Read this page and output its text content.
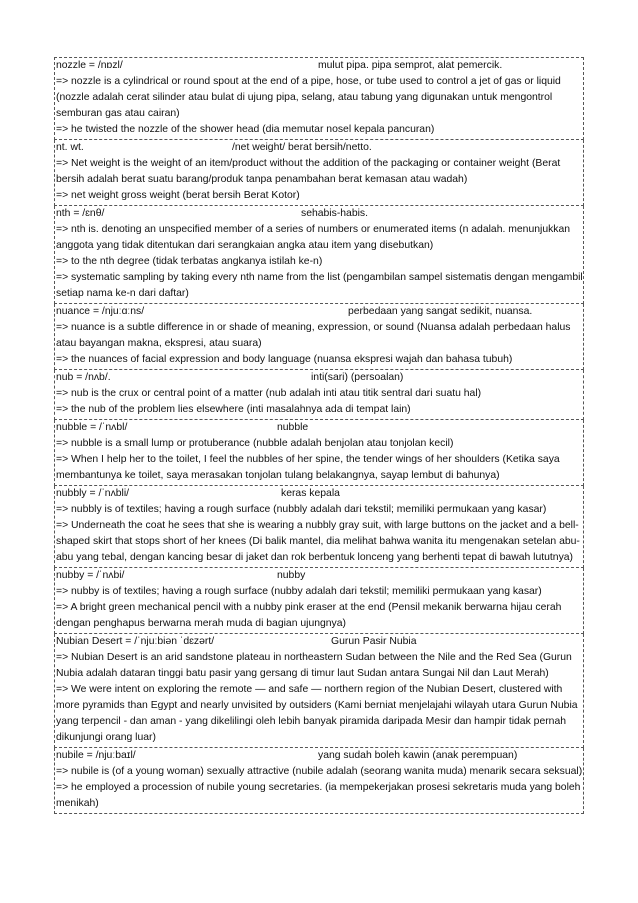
nozzle = /nɒzl/	mulut pipa. pipa semprot, alat pemercik.
=> nozzle is a cylindrical or round spout at the end of a pipe, hose, or tube used to control a jet of gas or liquid (nozzle adalah cerat silinder atau bulat di ujung pipa, selang, atau tabung yang digunakan untuk mengontrol semburan gas atau cairan)
=> he twisted the nozzle of the shower head (dia memutar nosel kepala pancuran)
nt. wt.	/net weight/ berat bersih/netto.
=> Net weight is the weight of an item/product without the addition of the packaging or container weight (Berat bersih adalah berat suatu barang/produk tanpa penambahan berat kemasan atau wadah)
=> net weight gross weight (berat bersih Berat Kotor)
nth = /ɛnθ/	sehabis-habis.
=> nth is. denoting an unspecified member of a series of numbers or enumerated items (n adalah. menunjukkan anggota yang tidak ditentukan dari serangkaian angka atau item yang disebutkan)
=> to the nth degree (tidak terbatas angkanya istilah ke-n)
=> systematic sampling by taking every nth name from the list (pengambilan sampel sistematis dengan mengambil setiap nama ke-n dari daftar)
nuance = /njuːɑːns/	perbedaan yang sangat sedikit, nuansa.
=> nuance is a subtle difference in or shade of meaning, expression, or sound (Nuansa adalah perbedaan halus atau bayangan makna, ekspresi, atau suara)
=> the nuances of facial expression and body language (nuansa ekspresi wajah dan bahasa tubuh)
nub = /nʌb/.	inti(sari) (persoalan)
=> nub is the crux or central point of a matter (nub adalah inti atau titik sentral dari suatu hal)
=> the nub of the problem lies elsewhere (inti masalahnya ada di tempat lain)
nubble = /ˈnʌbl/	nubble
=> nubble is a small lump or protuberance (nubble adalah benjolan atau tonjolan kecil)
=> When I help her to the toilet, I feel the nubbles of her spine, the tender wings of her shoulders (Ketika saya membantunya ke toilet, saya merasakan tonjolan tulang belakangnya, sayap lembut di bahunya)
nubbly = /ˈnʌbli/	keras kepala
=> nubbly is of textiles; having a rough surface (nubbly adalah dari tekstil; memiliki permukaan yang kasar)
=> Underneath the coat he sees that she is wearing a nubbly gray suit, with large buttons on the jacket and a bell-shaped skirt that stops short of her knees (Di balik mantel, dia melihat bahwa wanita itu mengenakan setelan abu-abu yang tebal, dengan kancing besar di jaket dan rok berbentuk lonceng yang berhenti tepat di bawah lututnya)
nubby = /ˈnʌbi/	nubby
=> nubby is of textiles; having a rough surface (nubby adalah dari tekstil; memiliki permukaan yang kasar)
=> A bright green mechanical pencil with a nubby pink eraser at the end (Pensil mekanik berwarna hijau cerah dengan penghapus berwarna merah muda di bagian ujungnya)
Nubian Desert = /ˈnjuːbiən ˈdɛzərt/	Gurun Pasir Nubia
=> Nubian Desert is an arid sandstone plateau in northeastern Sudan between the Nile and the Red Sea (Gurun Nubia adalah dataran tinggi batu pasir yang gersang di timur laut Sudan antara Sungai Nil dan Laut Merah)
=> We were intent on exploring the remote — and safe — northern region of the Nubian Desert, clustered with more pyramids than Egypt and nearly unvisited by outsiders (Kami berniat menjelajahi wilayah utara Gurun Nubia yang terpencil - dan aman - yang dikelilingi oleh lebih banyak piramida daripada Mesir dan hampir tidak pernah dikunjungi orang luar)
nubile = /njuːbaɪl/	yang sudah boleh kawin (anak perempuan)
=> nubile is (of a young woman) sexually attractive (nubile adalah (seorang wanita muda) menarik secara seksual)
=> he employed a procession of nubile young secretaries. (ia mempekerjakan prosesi sekretaris muda yang boleh menikah)
